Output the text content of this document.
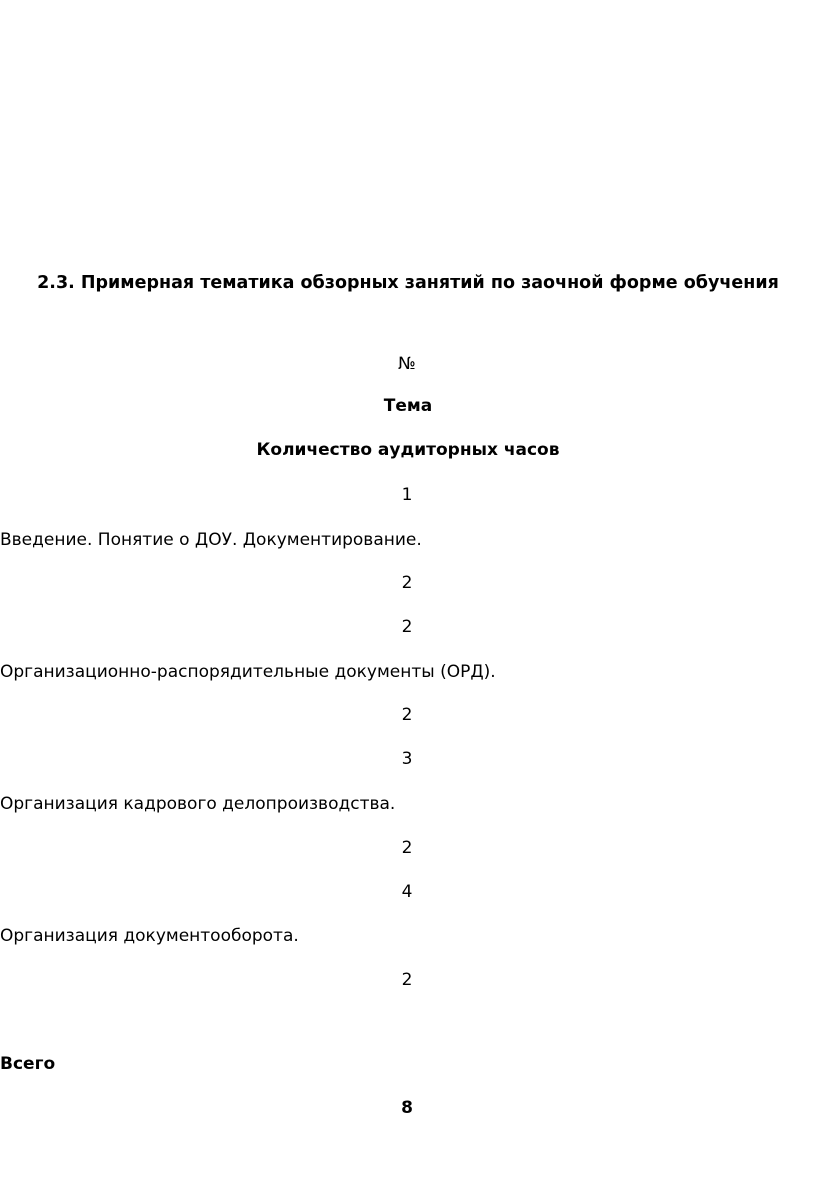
2.3. Примерная тематика обзорных занятий по заочной форме обучения
№
Тема
Количество аудиторных часов
1
Введение. Понятие о ДОУ. Документирование.
2
2
Организационно-распорядительные документы (ОРД).
2
3
Организация кадрового делопроизводства.
2
4
Организация документооборота.
2
Всего
8
